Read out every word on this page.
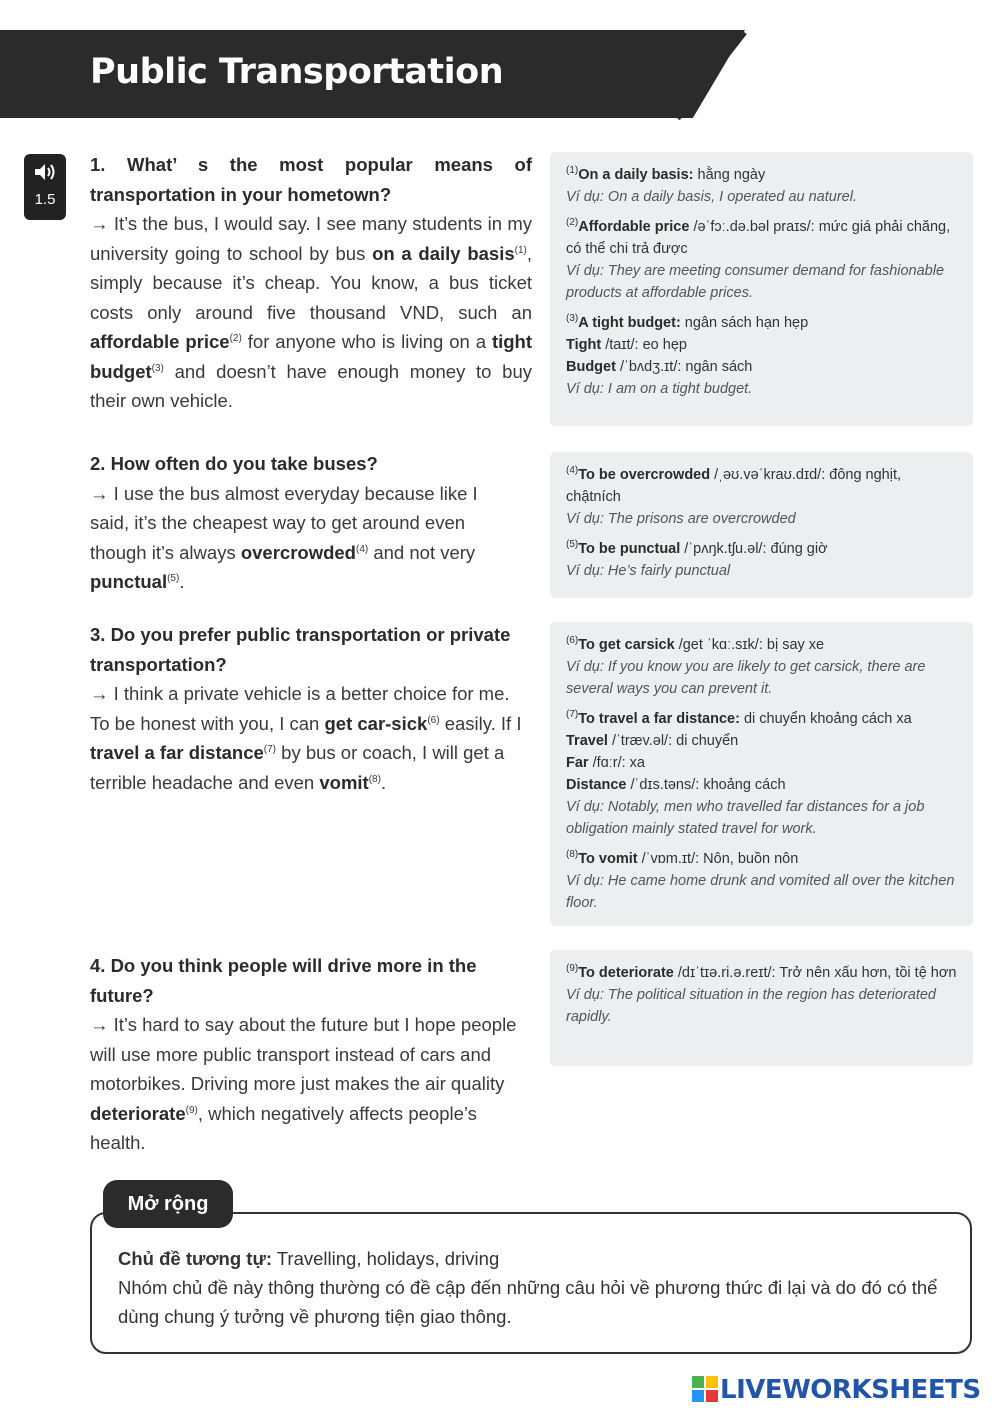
Public Transportation
1.5
1. What’ s the most popular means of transportation in your hometown?
→ It’s the bus, I would say. I see many students in my university going to school by bus on a daily basis$^{(1)}$, simply because it’s cheap. You know, a bus ticket costs only around five thousand VND, such an affordable price$^{(2)}$ for anyone who is living on a tight budget$^{(3)}$ and doesn’t have enough money to buy their own vehicle.
2. How often do you take buses?
→ I use the bus almost everyday because like I said, it’s the cheapest way to get around even though it’s always overcrowded$^{(4)}$ and not very punctual$^{(5)}$.
3. Do you prefer public transportation or private transportation?
→ I think a private vehicle is a better choice for me. To be honest with you, I can get car-sick$^{(6)}$ easily. If I travel a far distance$^{(7)}$ by bus or coach, I will get a terrible headache and even vomit$^{(8)}$.
4. Do you think people will drive more in the future?
→ It’s hard to say about the future but I hope people will use more public transport instead of cars and motorbikes. Driving more just makes the air quality deteriorate$^{(9)}$, which negatively affects people’s health.

$^{(1)}$On a daily basis: hằng ngày
Ví dụ: On a daily basis, I operated au naturel.

$^{(2)}$Affordable price /əˈfɔː.də.bəl praɪs/: mức giá phải chăng, có thể chi trả được
Ví dụ: They are meeting consumer demand for fashionable products at affordable prices.

$^{(3)}$A tight budget: ngân sách hạn hẹp
Tight /taɪt/: eo hẹp
Budget /ˈbʌdʒ.ɪt/: ngân sách
Ví dụ: I am on a tight budget.

$^{(4)}$To be overcrowded /ˌəʊ.vəˈkraʊ.dɪd/: đông nghịt, chậtních
Ví dụ: The prisons are overcrowded

$^{(5)}$To be punctual /ˈpʌŋk.tʃu.əl/: đúng giờ
Ví dụ: He’s fairly punctual

$^{(6)}$To get carsick /get ˈkɑː.sɪk/: bị say xe
Ví dụ: If you know you are likely to get carsick, there are several ways you can prevent it.

$^{(7)}$To travel a far distance: di chuyển khoảng cách xa
Travel /ˈtræv.əl/: di chuyển
Far /fɑːr/: xa
Distance /ˈdɪs.təns/: khoảng cách
Ví dụ: Notably, men who travelled far distances for a job obligation mainly stated travel for work.

$^{(8)}$To vomit /ˈvɒm.ɪt/: Nôn, buồn nôn
Ví dụ: He came home drunk and vomited all over the kitchen floor.

$^{(9)}$To deteriorate /dɪˈtɪə.ri.ə.reɪt/: Trở nên xấu hơn, tồi tệ hơn
Ví dụ: The political situation in the region has deteriorated rapidly.

Mở rộng
Chủ đề tương tự: Travelling, holidays, driving
Nhóm chủ đề này thông thường có đề cập đến những câu hỏi về phương thức đi lại và do đó có thể dùng chung ý tưởng về phương tiện giao thông.
LIVEWORKSHEETS
